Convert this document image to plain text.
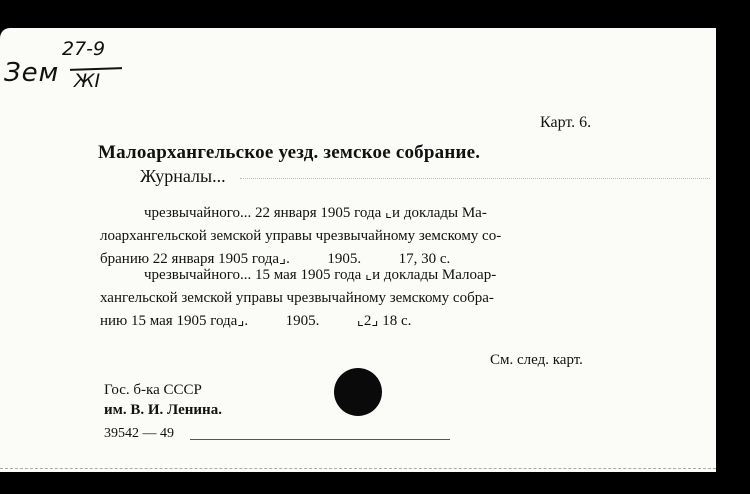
Зем
27-9
ЖI
Карт. 6.
Малоархангельское уезд. земское собрание.
Журналы...
чрезвычайного... 22 января 1905 года ⌞и доклады Ма-
лоархангельской земской управы чрезвычайному земскому со-
бранию 22 января 1905 года⌟.          1905.          17, 30 с.
чрезвычайного... 15 мая 1905 года ⌞и доклады Малоар-
хангельской земской управы чрезвычайному земскому собра-
нию 15 мая 1905 года⌟.          1905.          ⌞2⌟ 18 с.
См. след. карт.
Гос. б-ка СССР
им. В. И. Ленина.
39542 — 49
